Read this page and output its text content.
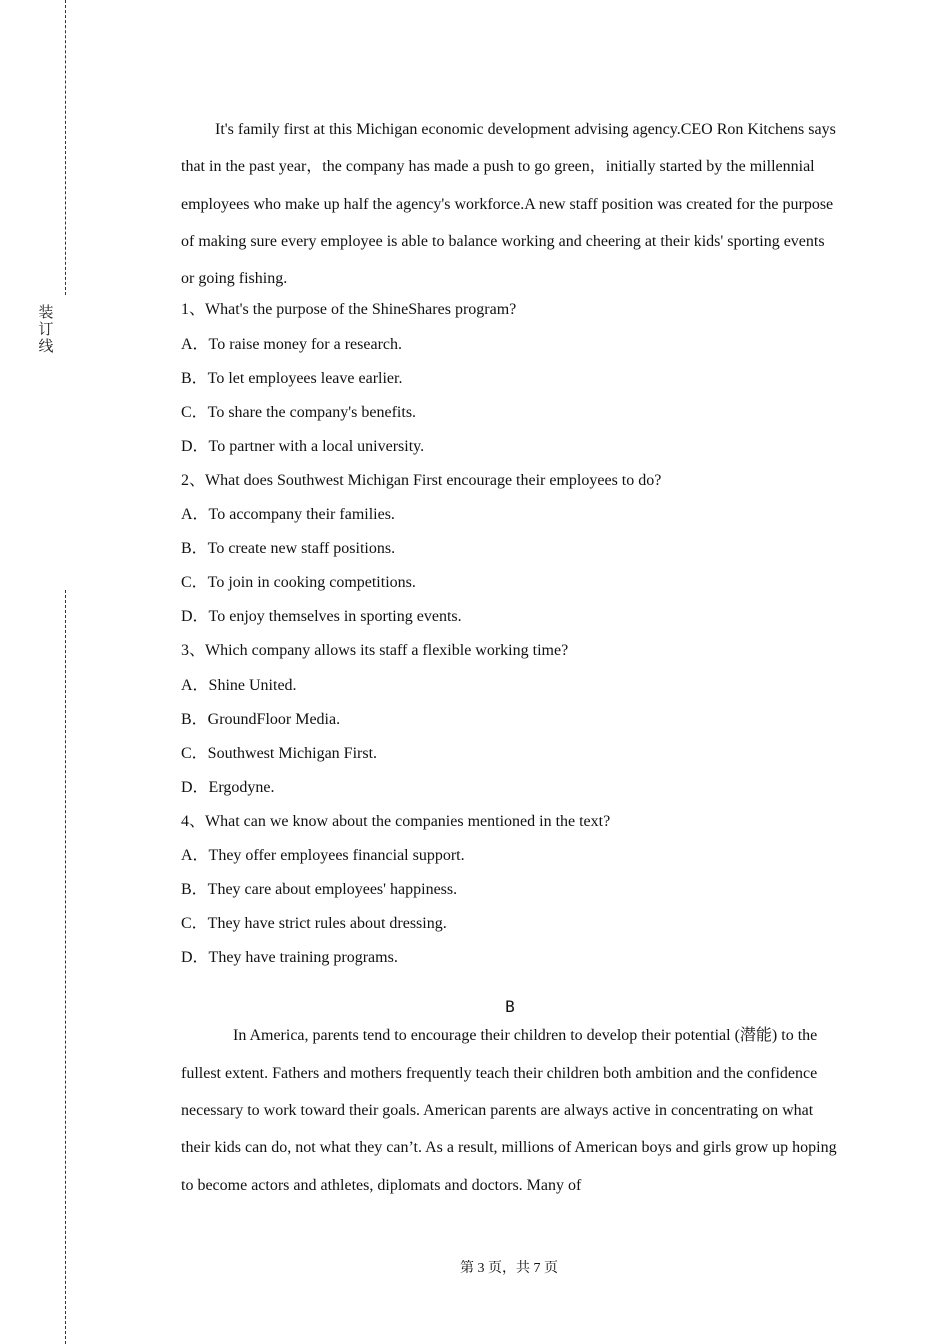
装
订
线

It's family first at this Michigan economic development advising agency.CEO Ron Kitchens says that in the past year，the company has made a push to go green，initially started by the millennial employees who make up half the agency's workforce.A new staff position was created for the purpose of making sure every employee is able to balance working and cheering at their kids' sporting events or going fishing.

1、What's the purpose of the ShineShares program?
A．To raise money for a research.
B．To let employees leave earlier.
C．To share the company's benefits.
D．To partner with a local university.
2、What does Southwest Michigan First encourage their employees to do?
A．To accompany their families.
B．To create new staff positions.
C．To join in cooking competitions.
D．To enjoy themselves in sporting events.
3、Which company allows its staff a flexible working time?
A．Shine United.
B．GroundFloor Media.
C．Southwest Michigan First.
D．Ergodyne.
4、What can we know about the companies mentioned in the text?
A．They offer employees financial support.
B．They care about employees' happiness.
C．They have strict rules about dressing.
D．They have training programs.
B

In America, parents tend to encourage their children to develop their potential (潜能) to the fullest extent. Fathers and mothers frequently teach their children both ambition and the confidence necessary to work toward their goals. American parents are always active in concentrating on what their kids can do, not what they can’t. As a result, millions of American boys and girls grow up hoping to become actors and athletes, diplomats and doctors. Many of

第 3 页，共 7 页
